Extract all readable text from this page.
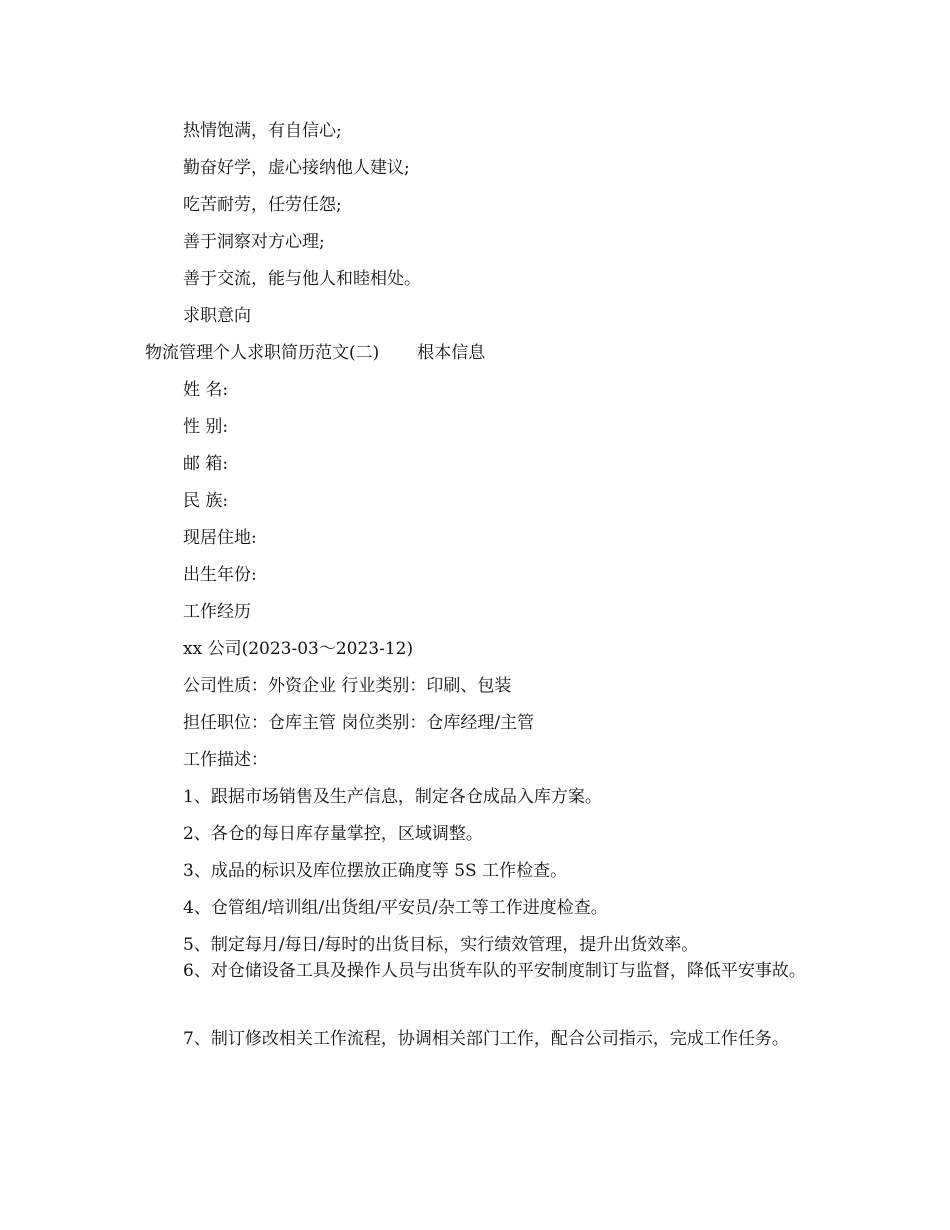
热情饱满，有自信心;
勤奋好学，虚心接纳他人建议;
吃苦耐劳，任劳任怨;
善于洞察对方心理;
善于交流，能与他人和睦相处。
求职意向
物流管理个人求职简历范文(二) 根本信息
姓 名:
性 别:
邮 箱:
民 族:
现居住地:
出生年份:
工作经历
xx 公司(2023-03～2023-12)
公司性质：外资企业 行业类别：印刷、包装
担任职位：仓库主管 岗位类别：仓库经理/主管
工作描述：
1、跟据市场销售及生产信息，制定各仓成品入库方案。
2、各仓的每日库存量掌控，区域调整。
3、成品的标识及库位摆放正确度等 5S 工作检查。
4、仓管组/培训组/出货组/平安员/杂工等工作进度检查。
5、制定每月/每日/每时的出货目标，实行绩效管理，提升出货效率。
6、对仓储设备工具及操作人员与出货车队的平安制度制订与监督，降低平安事故。
7、制订修改相关工作流程，协调相关部门工作，配合公司指示，完成工作任务。
